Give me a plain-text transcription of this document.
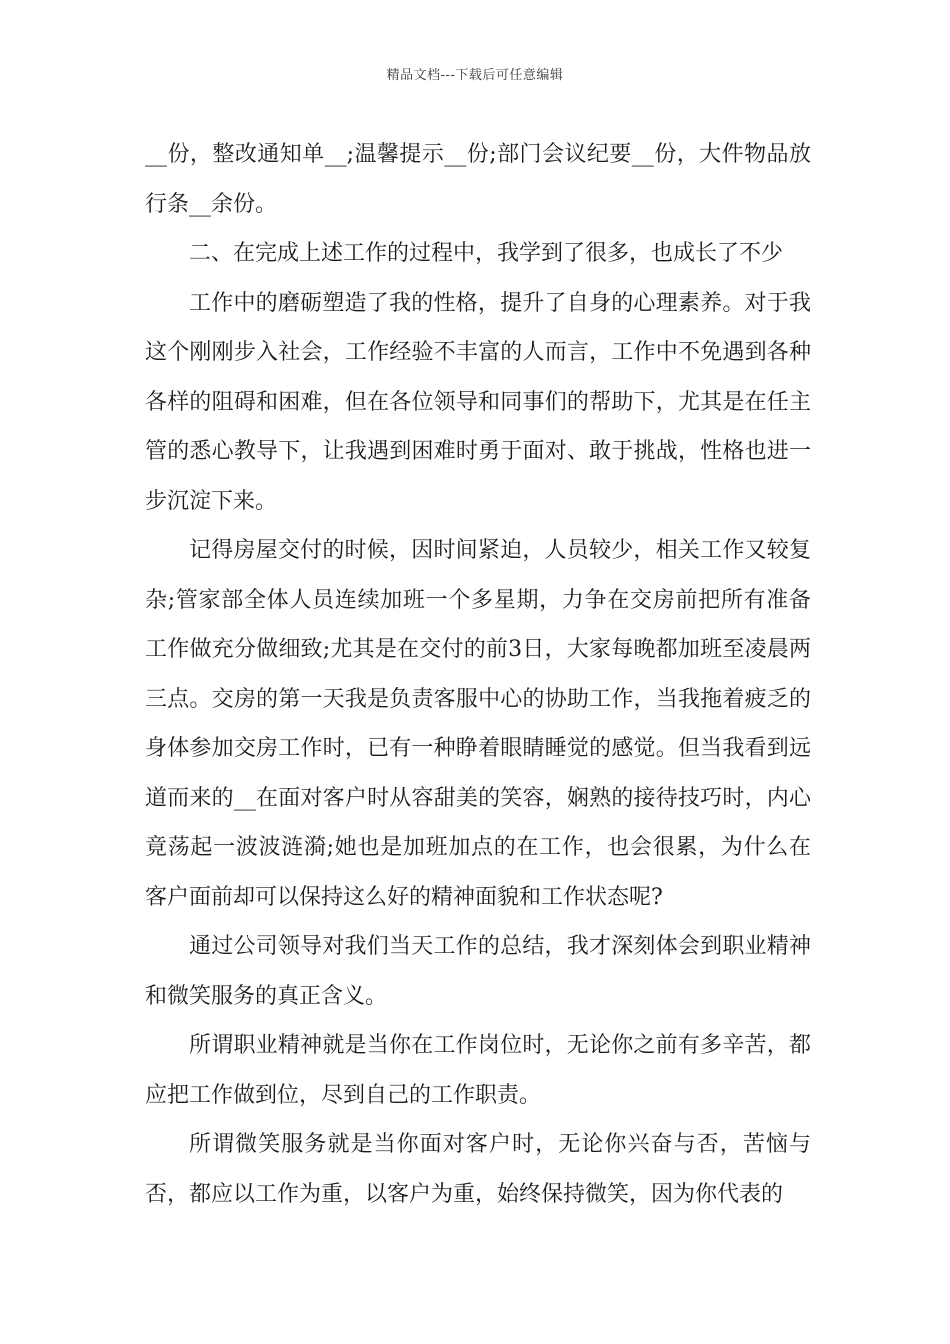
精品文档---下载后可任意编辑

__份，整改通知单__;温馨提示__份;部门会议纪要__份，大件物品放行条__余份。

二、在完成上述工作的过程中，我学到了很多，也成长了不少

工作中的磨砺塑造了我的性格，提升了自身的心理素养。对于我这个刚刚步入社会，工作经验不丰富的人而言，工作中不免遇到各种各样的阻碍和困难，但在各位领导和同事们的帮助下，尤其是在任主管的悉心教导下，让我遇到困难时勇于面对、敢于挑战，性格也进一步沉淀下来。

记得房屋交付的时候，因时间紧迫，人员较少，相关工作又较复杂;管家部全体人员连续加班一个多星期，力争在交房前把所有准备工作做充分做细致;尤其是在交付的前3日，大家每晚都加班至凌晨两三点。交房的第一天我是负责客服中心的协助工作，当我拖着疲乏的身体参加交房工作时，已有一种睁着眼睛睡觉的感觉。但当我看到远道而来的__在面对客户时从容甜美的笑容，娴熟的接待技巧时，内心竟荡起一波波涟漪;她也是加班加点的在工作，也会很累，为什么在客户面前却可以保持这么好的精神面貌和工作状态呢?

通过公司领导对我们当天工作的总结，我才深刻体会到职业精神和微笑服务的真正含义。

所谓职业精神就是当你在工作岗位时，无论你之前有多辛苦，都应把工作做到位，尽到自己的工作职责。

所谓微笑服务就是当你面对客户时，无论你兴奋与否，苦恼与否，都应以工作为重，以客户为重，始终保持微笑，因为你代表的
